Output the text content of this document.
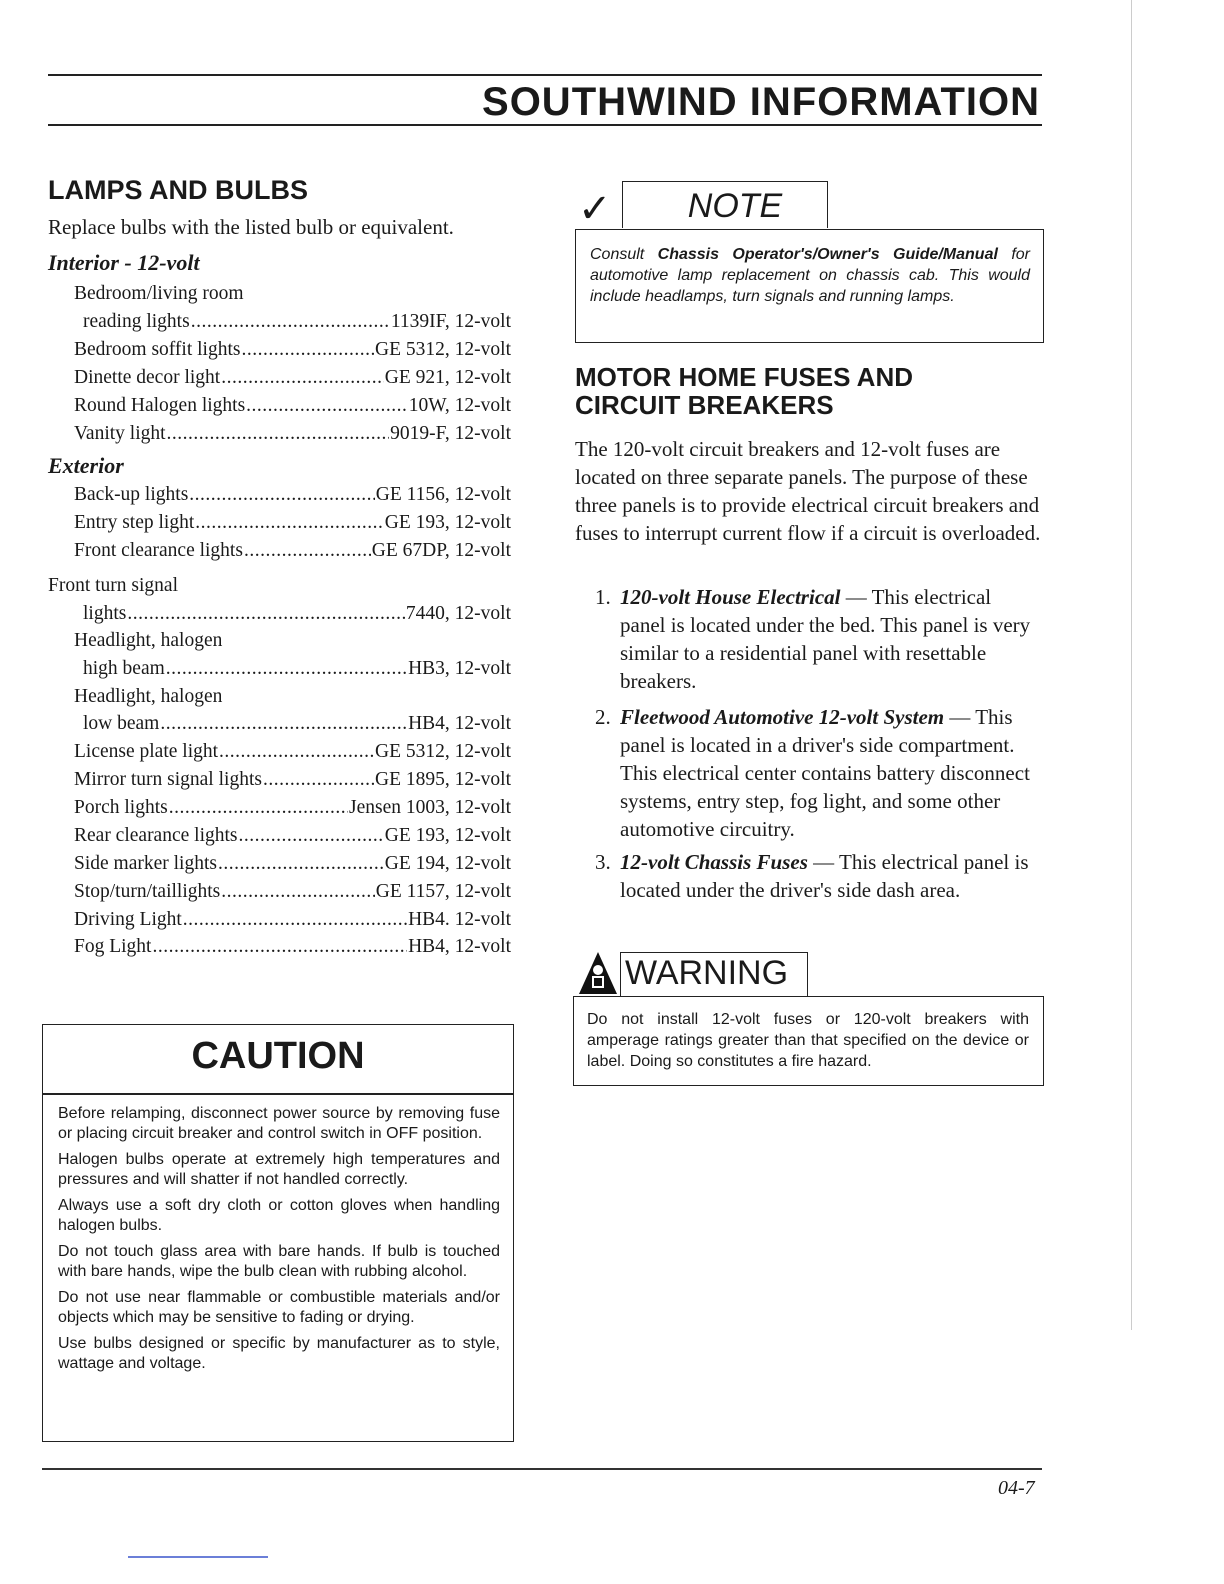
SOUTHWIND INFORMATION
LAMPS AND BULBS
Replace bulbs with the listed bulb or equivalent.
Interior - 12-volt
Bedroom/living room
reading lights .....	1139IF, 12-volt
Bedroom soffit lights .....	GE 5312, 12-volt
Dinette decor light .....	GE 921, 12-volt
Round Halogen lights .....	10W, 12-volt
Vanity light .....	9019-F, 12-volt
Exterior
Back-up lights .....	GE 1156, 12-volt
Entry step light .....	GE 193, 12-volt
Front clearance lights .....	GE 67DP, 12-volt
Front turn signal
lights .....	7440, 12-volt
Headlight, halogen
high beam .....	HB3, 12-volt
Headlight, halogen
low beam .....	HB4, 12-volt
License plate light .....	GE 5312, 12-volt
Mirror turn signal lights .....	GE 1895, 12-volt
Porch lights .....	Jensen 1003, 12-volt
Rear clearance lights .....	GE 193, 12-volt
Side marker lights .....	GE 194, 12-volt
Stop/turn/taillights .....	GE 1157, 12-volt
Driving Light .....	HB4. 12-volt
Fog Light .....	HB4, 12-volt
CAUTION

Before relamping, disconnect power source by removing fuse or placing circuit breaker and control switch in OFF position.

Halogen bulbs operate at extremely high temperatures and pressures and will shatter if not handled correctly.

Always use a soft dry cloth or cotton gloves when handling halogen bulbs.

Do not touch glass area with bare hands. If bulb is touched with bare hands, wipe the bulb clean with rubbing alcohol.

Do not use near flammable or combustible materials and/or objects which may be sensitive to fading or drying.

Use bulbs designed or specific by manufacturer as to style, wattage and voltage.

✓	NOTE
Consult Chassis Operator's/Owner's Guide/Manual for automotive lamp replacement on chassis cab. This would include headlamps, turn signals and running lamps.
MOTOR HOME FUSES AND
CIRCUIT BREAKERS
The 120-volt circuit breakers and 12-volt fuses are located on three separate panels. The purpose of these three panels is to provide electrical circuit breakers and fuses to interrupt current flow if a circuit is overloaded.
1. 120-volt House Electrical — This electrical panel is located under the bed. This panel is very similar to a residential panel with resettable breakers.
2. Fleetwood Automotive 12-volt System — This panel is located in a driver's side compartment. This electrical center contains battery disconnect systems, entry step, fog light, and some other automotive circuitry.
3. 12-volt Chassis Fuses — This electrical panel is located under the driver's side dash area.
WARNING
Do not install 12-volt fuses or 120-volt breakers with amperage ratings greater than that specified on the device or label. Doing so constitutes a fire hazard.
04-7
